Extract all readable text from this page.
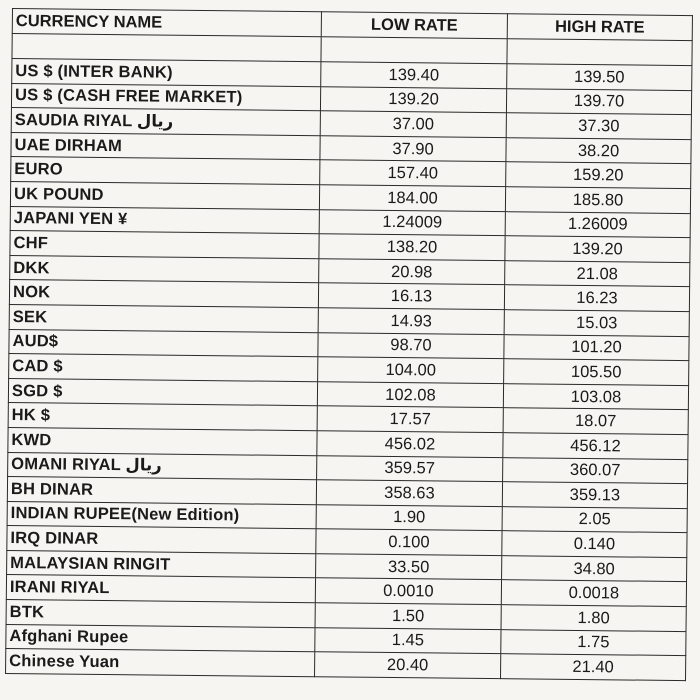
CURRENCY NAME	LOW RATE	HIGH RATE

US $ (INTER BANK)	139.40	139.50
US $ (CASH FREE MARKET)	139.20	139.70
SAUDIA RIYAL ریال	37.00	37.30
UAE DIRHAM	37.90	38.20
EURO	157.40	159.20
UK POUND	184.00	185.80
JAPANI YEN ¥	1.24009	1.26009
CHF	138.20	139.20
DKK	20.98	21.08
NOK	16.13	16.23
SEK	14.93	15.03
AUD$	98.70	101.20
CAD $	104.00	105.50
SGD $	102.08	103.08
HK $	17.57	18.07
KWD	456.02	456.12
OMANI RIYAL ریال	359.57	360.07
BH DINAR	358.63	359.13
INDIAN RUPEE(New Edition)	1.90	2.05
IRQ DINAR	0.100	0.140
MALAYSIAN RINGIT	33.50	34.80
IRANI RIYAL	0.0010	0.0018
BTK	1.50	1.80
Afghani Rupee	1.45	1.75
Chinese Yuan	20.40	21.40
